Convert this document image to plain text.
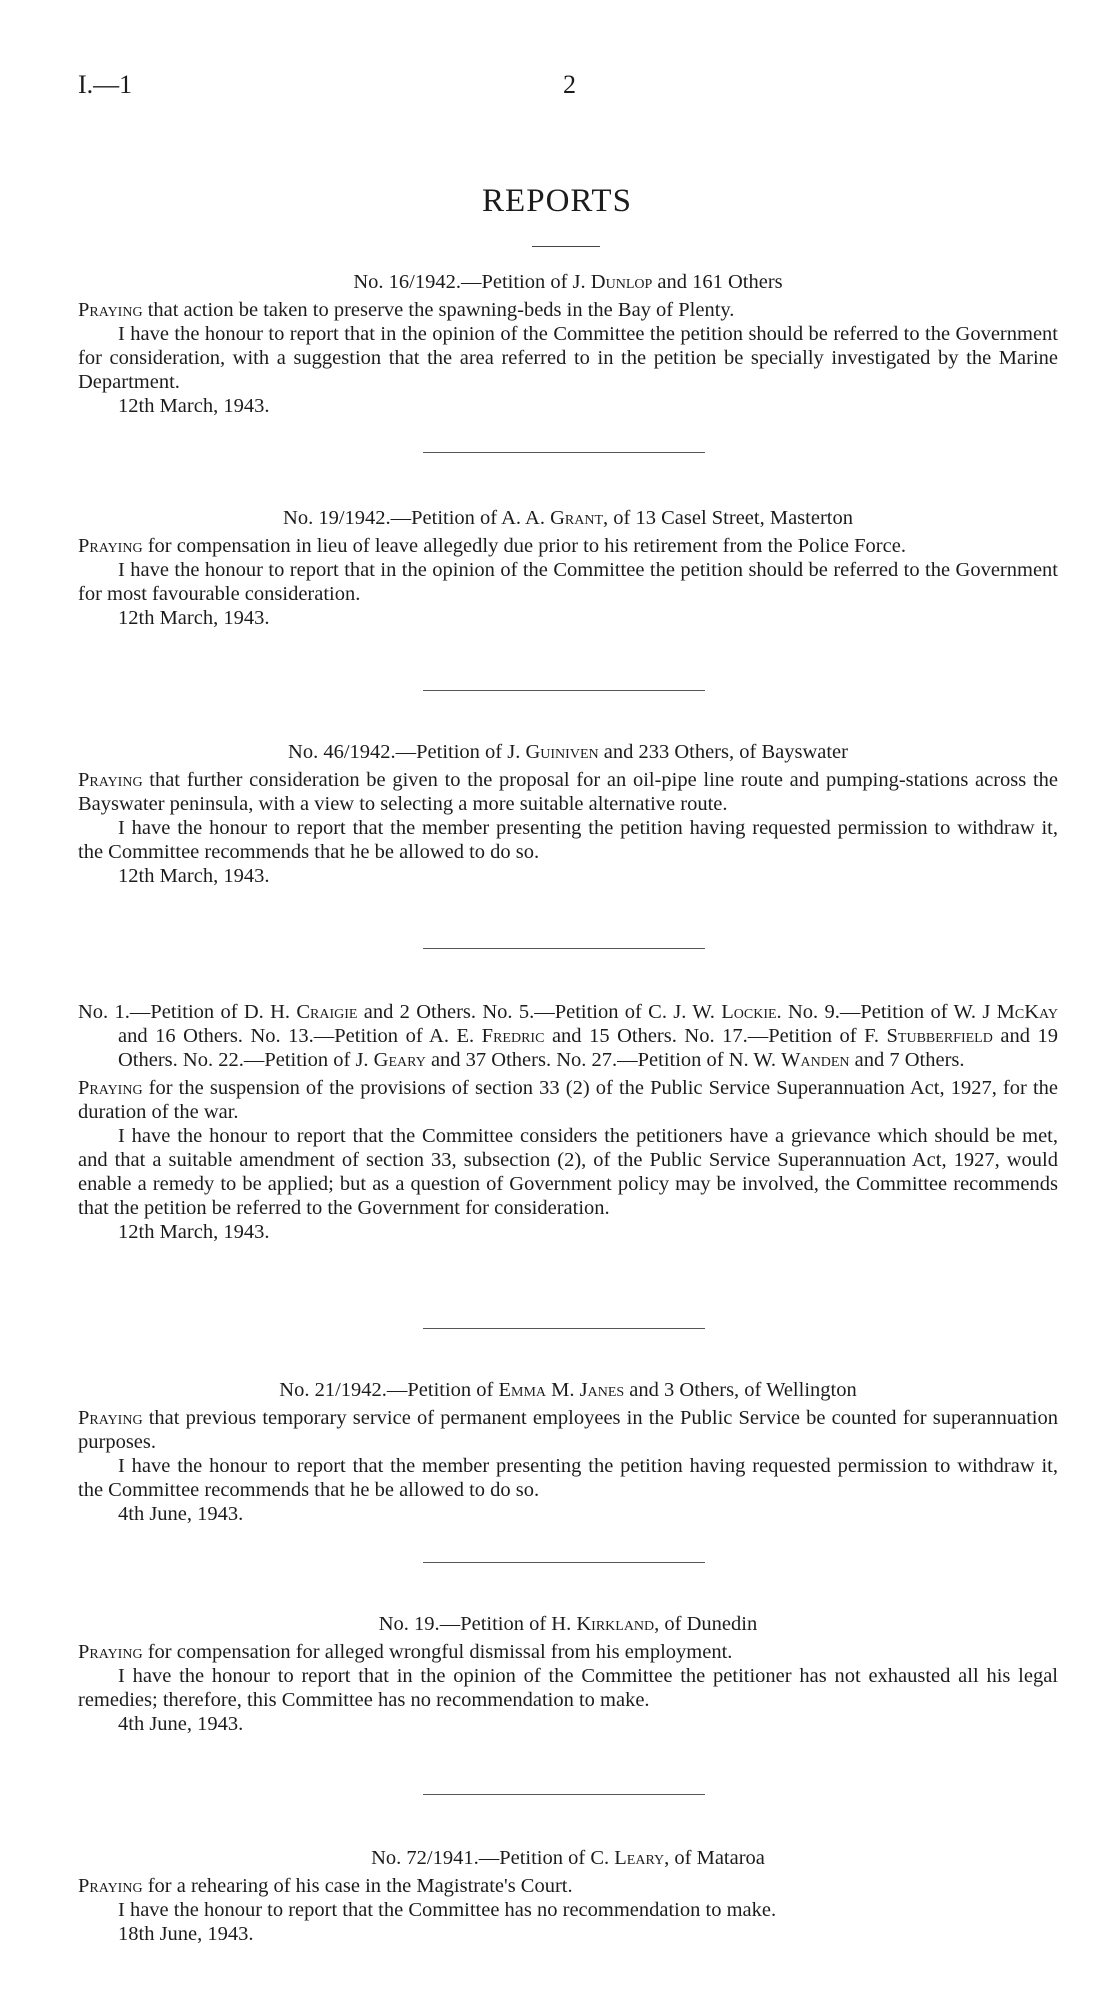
I.—1	2
REPORTS
No. 16/1942.—Petition of J. Dunlop and 161 Others
Praying that action be taken to preserve the spawning-beds in the Bay of Plenty.
I have the honour to report that in the opinion of the Committee the petition should be referred to the Government for consideration, with a suggestion that the area referred to in the petition be specially investigated by the Marine Department.
12th March, 1943.
No. 19/1942.—Petition of A. A. Grant, of 13 Casel Street, Masterton
Praying for compensation in lieu of leave allegedly due prior to his retirement from the Police Force.
I have the honour to report that in the opinion of the Committee the petition should be referred to the Government for most favourable consideration.
12th March, 1943.
No. 46/1942.—Petition of J. Guiniven and 233 Others, of Bayswater
Praying that further consideration be given to the proposal for an oil-pipe line route and pumping-stations across the Bayswater peninsula, with a view to selecting a more suitable alternative route.
I have the honour to report that the member presenting the petition having requested permission to withdraw it, the Committee recommends that he be allowed to do so.
12th March, 1943.
No. 1.—Petition of D. H. Craigie and 2 Others. No. 5.—Petition of C. J. W. Lockie. No. 9.—Petition of W. J McKay and 16 Others. No. 13.—Petition of A. E. Fredric and 15 Others. No. 17.—Petition of F. Stubberfield and 19 Others. No. 22.—Petition of J. Geary and 37 Others. No. 27.—Petition of N. W. Wanden and 7 Others.
Praying for the suspension of the provisions of section 33 (2) of the Public Service Superannuation Act, 1927, for the duration of the war.
I have the honour to report that the Committee considers the petitioners have a grievance which should be met, and that a suitable amendment of section 33, subsection (2), of the Public Service Superannuation Act, 1927, would enable a remedy to be applied; but as a question of Government policy may be involved, the Committee recommends that the petition be referred to the Government for consideration.
12th March, 1943.
No. 21/1942.—Petition of Emma M. Janes and 3 Others, of Wellington
Praying that previous temporary service of permanent employees in the Public Service be counted for superannuation purposes.
I have the honour to report that the member presenting the petition having requested permission to withdraw it, the Committee recommends that he be allowed to do so.
4th June, 1943.
No. 19.—Petition of H. Kirkland, of Dunedin
Praying for compensation for alleged wrongful dismissal from his employment.
I have the honour to report that in the opinion of the Committee the petitioner has not exhausted all his legal remedies; therefore, this Committee has no recommendation to make.
4th June, 1943.
No. 72/1941.—Petition of C. Leary, of Mataroa
Praying for a rehearing of his case in the Magistrate's Court.
I have the honour to report that the Committee has no recommendation to make.
18th June, 1943.
